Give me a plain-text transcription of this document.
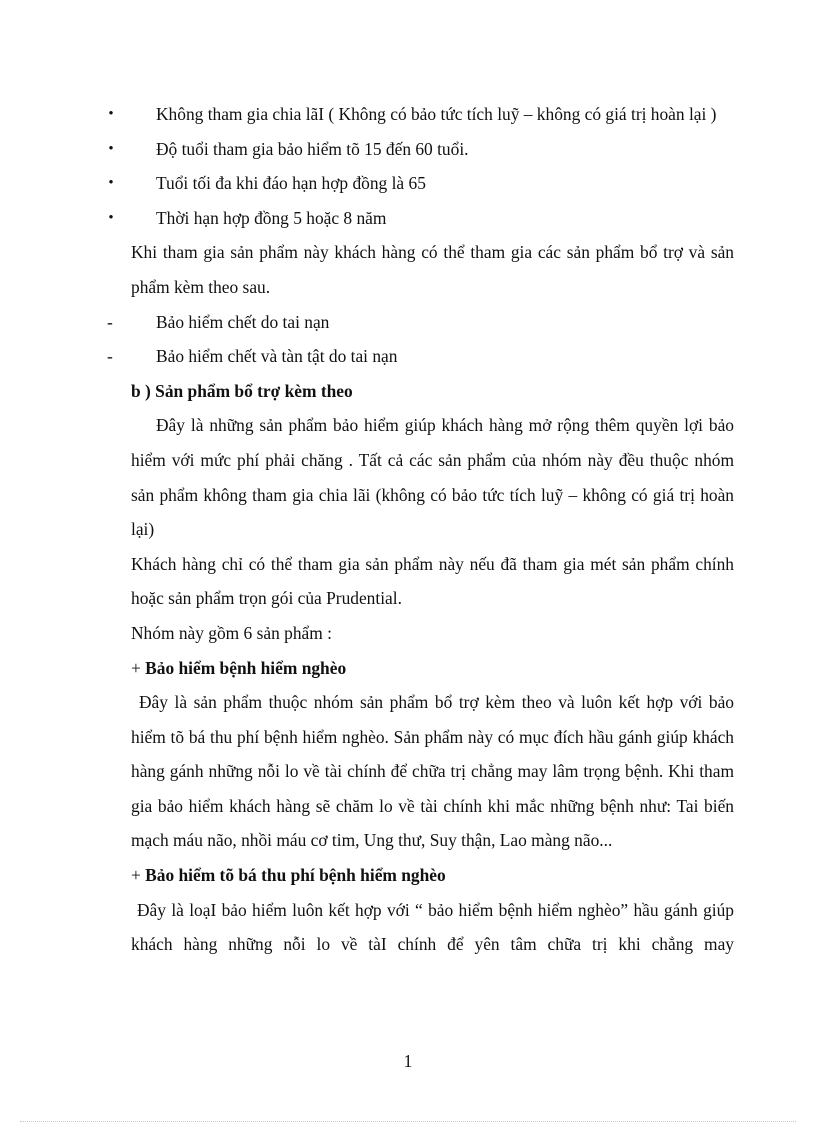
• Không tham gia chia lãI ( Không có bảo tức tích luỹ – không có giá trị hoàn lại )

• Độ tuổi tham gia bảo hiểm tõ 15 đến 60 tuổi.

• Tuổi tối đa khi đáo hạn hợp đồng là 65

• Thời hạn hợp đồng 5 hoặc 8 năm

Khi tham gia sản phẩm này khách hàng có thể tham gia các sản phẩm bổ trợ và sản phẩm kèm theo sau.

- Bảo hiểm chết do tai nạn

- Bảo hiểm chết và tàn tật do tai nạn

b ) Sản phẩm bổ trợ kèm theo

Đây là những sản phẩm bảo hiểm giúp khách hàng mở rộng thêm quyền lợi bảo hiểm với mức phí phải chăng . Tất cả các sản phẩm của nhóm này đều thuộc nhóm sản phẩm không tham gia chia lãi (không có bảo tức tích luỹ – không có giá trị hoàn lại)

Khách hàng chỉ có thể tham gia sản phẩm này nếu đã tham gia mét sản phẩm chính hoặc sản phẩm trọn gói của Prudential.

Nhóm này gồm 6 sản phẩm :

+ Bảo hiểm bệnh hiểm nghèo

Đây là sản phẩm thuộc nhóm sản phẩm bổ trợ kèm theo và luôn kết hợp với bảo hiểm tõ bá thu phí bệnh hiểm nghèo. Sản phẩm này có mục đích hầu gánh giúp khách hàng gánh những nỗi lo về tài chính để chữa trị chẳng may lâm trọng bệnh. Khi tham gia bảo hiểm khách hàng sẽ chăm lo về tài chính khi mắc những bệnh như: Tai biến mạch máu não, nhồi máu cơ tim, Ung thư, Suy thận, Lao màng não...

+ Bảo hiểm tõ bá thu phí bệnh hiểm nghèo

Đây là loạI bảo hiểm luôn kết hợp với “ bảo hiểm bệnh hiểm nghèo” hầu gánh giúp khách hàng những nỗi lo về tàI chính để yên tâm chữa trị khi chẳng may

1
